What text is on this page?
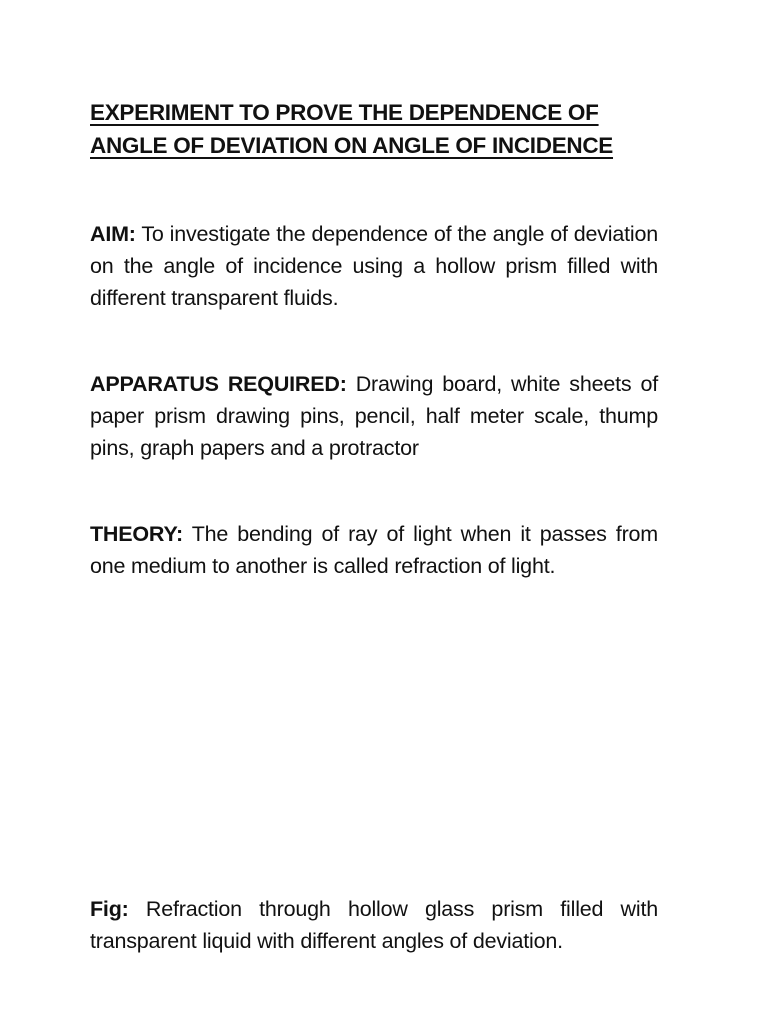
EXPERIMENT TO PROVE THE DEPENDENCE OF
ANGLE OF DEVIATION ON ANGLE OF INCIDENCE

AIM: To investigate the dependence of the angle of deviation on the angle of incidence using a hollow prism filled with different transparent fluids.

APPARATUS REQUIRED: Drawing board, white sheets of paper prism drawing pins, pencil, half meter scale, thump pins, graph papers and a protractor

THEORY: The bending of ray of light when it passes from one medium to another is called refraction of light.

Fig: Refraction through hollow glass prism filled with transparent liquid with different angles of deviation.
